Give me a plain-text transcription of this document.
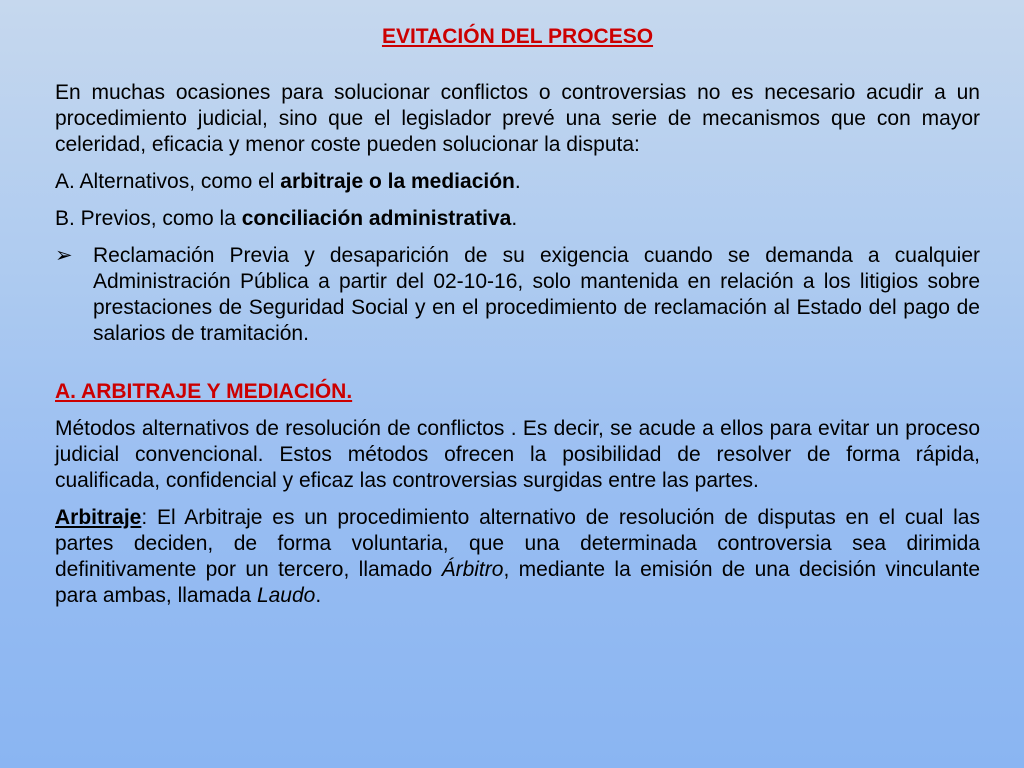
EVITACIÓN DEL PROCESO

En muchas ocasiones para solucionar conflictos o controversias no es necesario acudir a un procedimiento judicial, sino que el legislador prevé una serie de mecanismos que con mayor celeridad, eficacia y menor coste pueden solucionar la disputa:

A. Alternativos, como el arbitraje o la mediación.

B. Previos, como la conciliación administrativa.

➢ Reclamación Previa y desaparición de su exigencia cuando se demanda a cualquier Administración Pública a partir del 02-10-16, solo mantenida en relación a los litigios sobre prestaciones de Seguridad Social y en el procedimiento de reclamación al Estado del pago de salarios de tramitación.

A. ARBITRAJE Y MEDIACIÓN.

Métodos alternativos de resolución de conflictos . Es decir, se acude a ellos para evitar un proceso judicial convencional. Estos métodos ofrecen la posibilidad de resolver de forma rápida, cualificada, confidencial y eficaz las controversias surgidas entre las partes.

Arbitraje: El Arbitraje es un procedimiento alternativo de resolución de disputas en el cual las partes deciden, de forma voluntaria, que una determinada controversia sea dirimida definitivamente por un tercero, llamado Árbitro, mediante la emisión de una decisión vinculante para ambas, llamada Laudo.
